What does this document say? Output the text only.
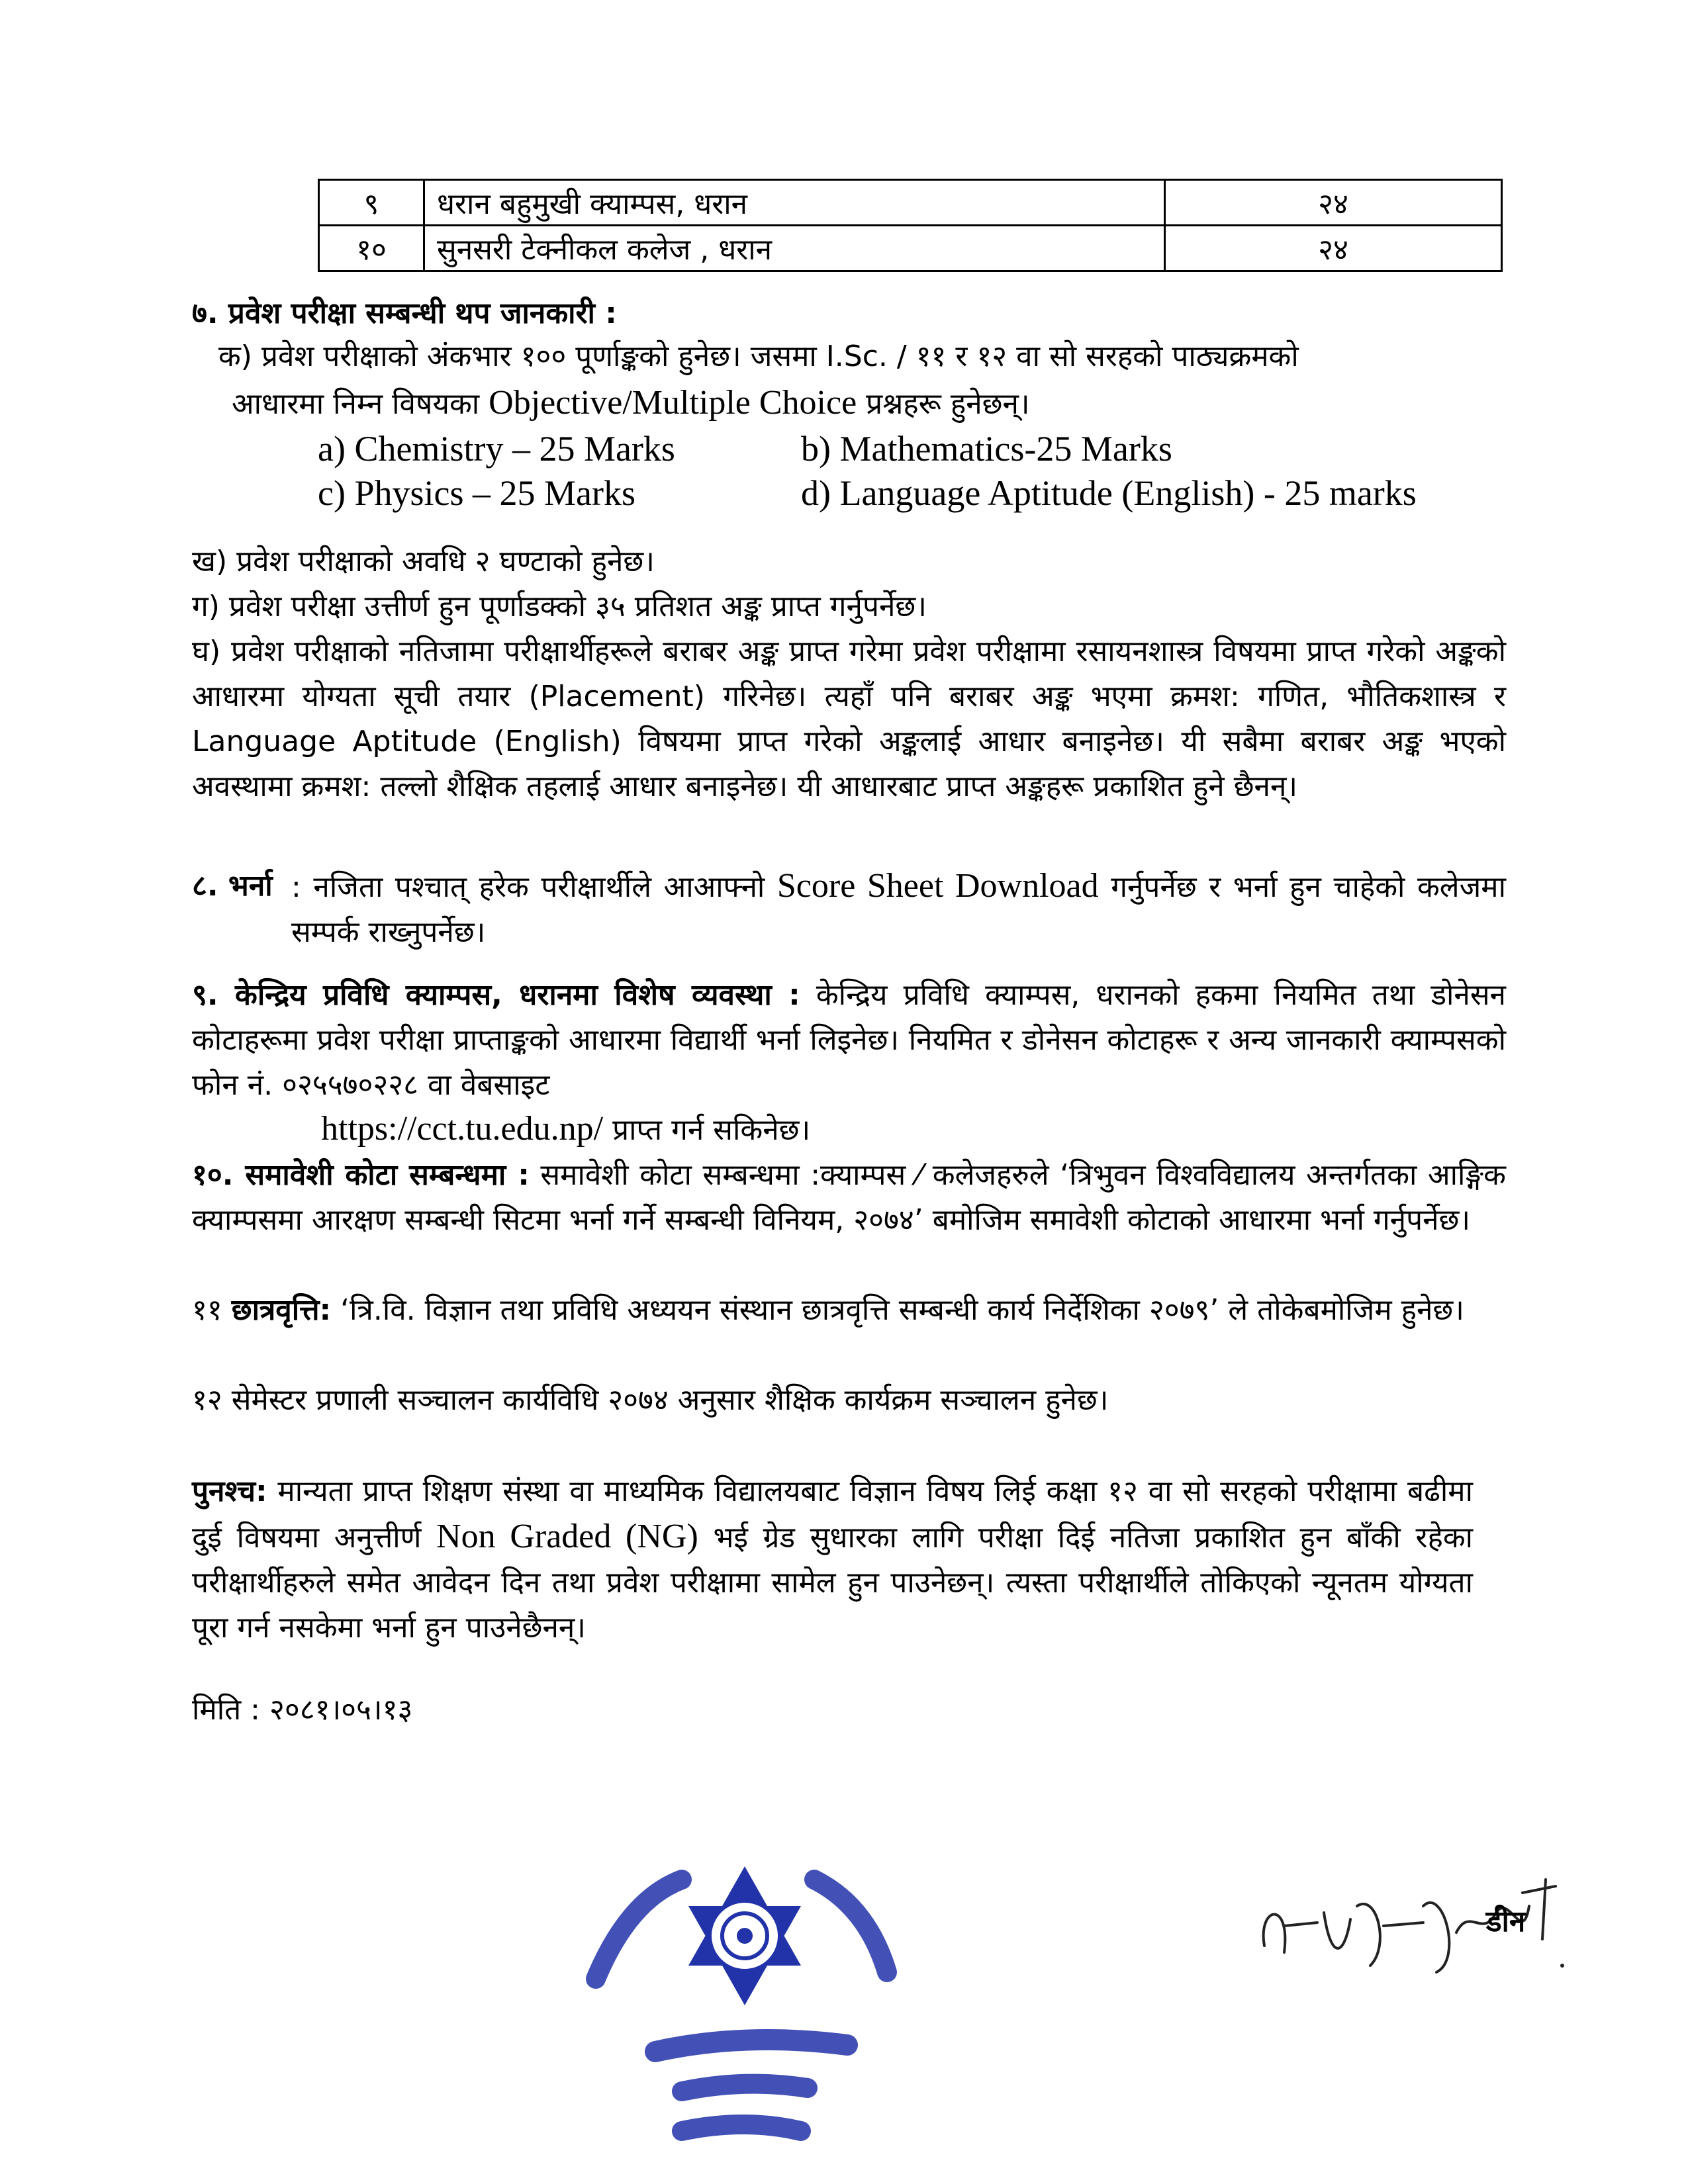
९	धरान बहुमुखी क्याम्पस, धरान	२४
१०	सुनसरी टेक्नीकल कलेज , धरान	२४
७. प्रवेश परीक्षा सम्बन्धी थप जानकारी :
क) प्रवेश परीक्षाको अंकभार १०० पूर्णाङ्कको हुनेछ। जसमा I.Sc. / ११ र १२ वा सो सरहको पाठ्यक्रमको
आधारमा निम्न विषयका Objective/Multiple Choice प्रश्नहरू हुनेछन्।
a) Chemistry – 25 Marks	b) Mathematics-25 Marks
c) Physics – 25 Marks	d) Language Aptitude (English) - 25 marks
ख) प्रवेश परीक्षाको अवधि २ घण्टाको हुनेछ।
ग) प्रवेश परीक्षा उत्तीर्ण हुन पूर्णाडक्को ३५ प्रतिशत अङ्क प्राप्त गर्नुपर्नेछ।
घ) प्रवेश परीक्षाको नतिजामा परीक्षार्थीहरूले बराबर अङ्क प्राप्त गरेमा प्रवेश परीक्षामा रसायनशास्त्र विषयमा प्राप्त गरेको अङ्कको आधारमा योग्यता सूची तयार (Placement) गरिनेछ। त्यहाँ पनि बराबर अङ्क भएमा क्रमश: गणित, भौतिकशास्त्र र Language Aptitude (English) विषयमा प्राप्त गरेको अङ्कलाई आधार बनाइनेछ। यी सबैमा बराबर अङ्क भएको अवस्थामा क्रमश: तल्लो शैक्षिक तहलाई आधार बनाइनेछ। यी आधारबाट प्राप्त अङ्कहरू प्रकाशित हुने छैनन्।
८. भर्ना : नजिता पश्चात् हरेक परीक्षार्थीले आआफ्नो Score Sheet Download गर्नुपर्नेछ र भर्ना हुन चाहेको कलेजमा सम्पर्क राख्नुपर्नेछ।
९. केन्द्रिय प्रविधि क्याम्पस, धरानमा विशेष व्यवस्था : केन्द्रिय प्रविधि क्याम्पस, धरानको हकमा नियमित तथा डोनेसन कोटाहरूमा प्रवेश परीक्षा प्राप्ताङ्कको आधारमा विद्यार्थी भर्ना लिइनेछ। नियमित र डोनेसन कोटाहरू र अन्य जानकारी क्याम्पसको फोन नं. ०२५५७०२२८ वा वेबसाइट
https://cct.tu.edu.np/ प्राप्त गर्न सकिनेछ।
१०. समावेशी कोटा सम्बन्धमा : समावेशी कोटा सम्बन्धमा :क्याम्पस ⁄ कलेजहरुले ‘त्रिभुवन विश्वविद्यालय अन्तर्गतका आङ्गिक क्याम्पसमा आरक्षण सम्बन्धी सिटमा भर्ना गर्ने सम्बन्धी विनियम, २०७४’ बमोजिम समावेशी कोटाको आधारमा भर्ना गर्नुपर्नेछ।
११ छात्रवृत्ति: ‘त्रि.वि. विज्ञान तथा प्रविधि अध्ययन संस्थान छात्रवृत्ति सम्बन्धी कार्य निर्देशिका २०७९’ ले तोकेबमोजिम हुनेछ।
१२ सेमेस्टर प्रणाली सञ्चालन कार्यविधि २०७४ अनुसार शैक्षिक कार्यक्रम सञ्चालन हुनेछ।
पुनश्च: मान्यता प्राप्त शिक्षण संस्था वा माध्यमिक विद्यालयबाट विज्ञान विषय लिई कक्षा १२ वा सो सरहको परीक्षामा बढीमा दुई विषयमा अनुत्तीर्ण Non Graded (NG) भई ग्रेड सुधारका लागि परीक्षा दिई नतिजा प्रकाशित हुन बाँकी रहेका परीक्षार्थीहरुले समेत आवेदन दिन तथा प्रवेश परीक्षामा सामेल हुन पाउनेछन्। त्यस्ता परीक्षार्थीले तोकिएको न्यूनतम योग्यता पूरा गर्न नसकेमा भर्ना हुन पाउनेछैनन्।
मिति : २०८१।०५।१३
डीन
